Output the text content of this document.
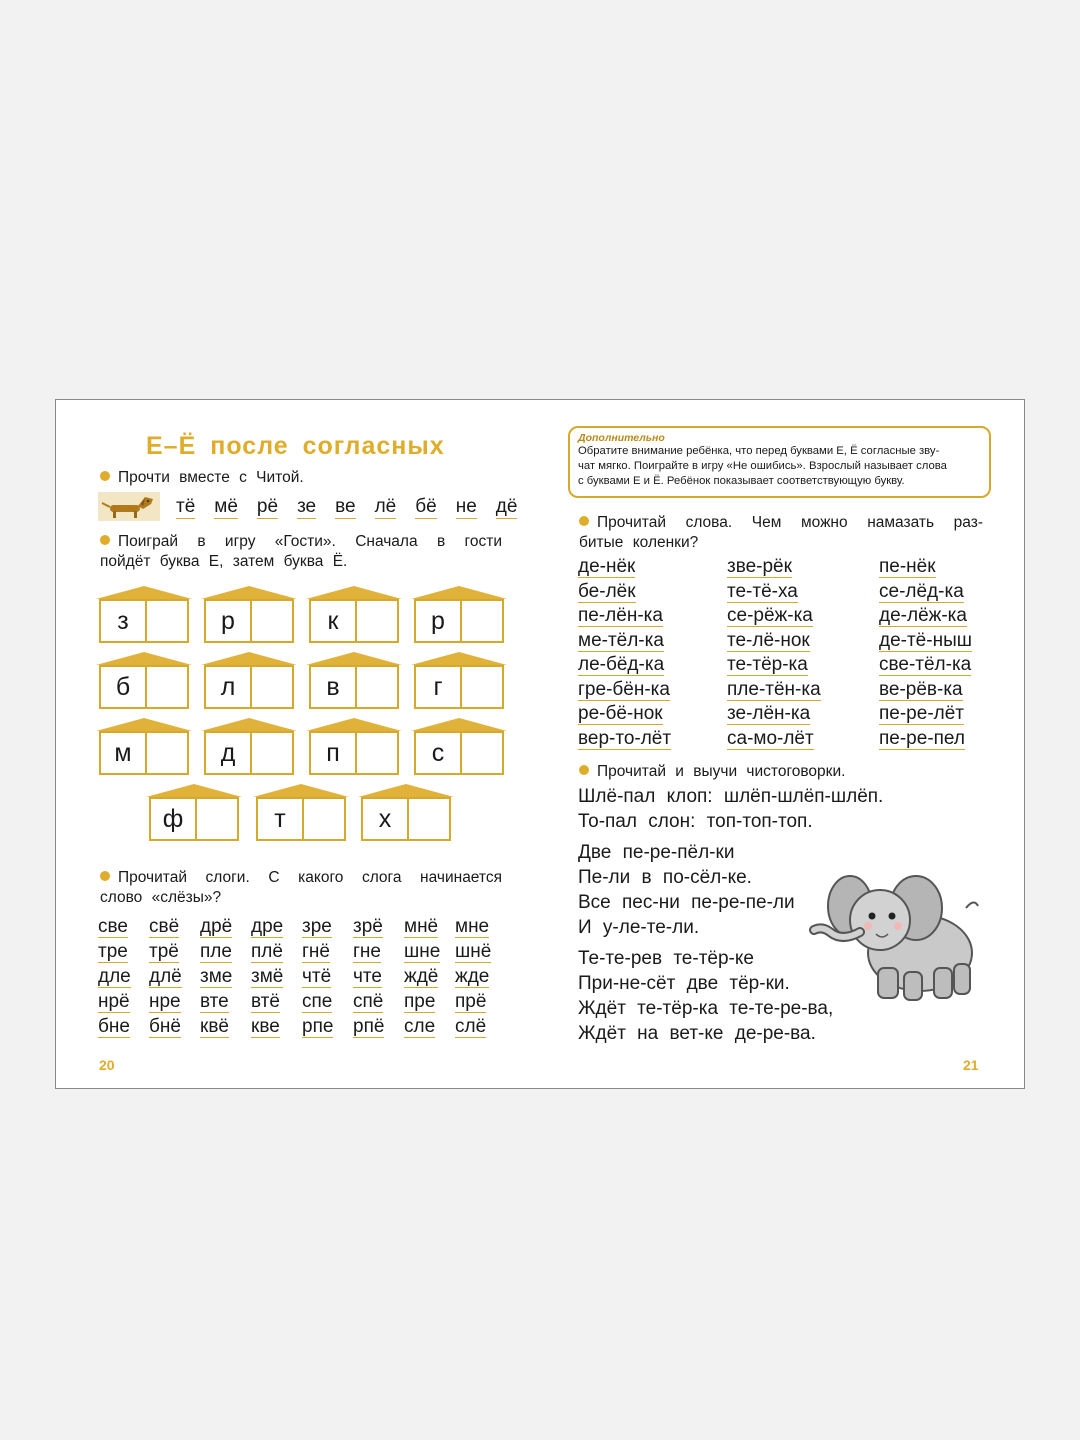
Е–Ё после согласных
Прочти вместе с Читой.
тё мё рё зе ве лё бё не дё
Поиграй в игру «Гости». Сначала в гости
пойдёт буква Е, затем буква Ё.
з	р	к	р
б	л	в	г
м	д	п	с
ф	т	х
Прочитай слоги. С какого слога начинается
слово «слёзы»?
све	свё	дрё дре зре	зрё	мнё мне
тре	трё	пле	плё	гнё	гне	шне шнё
дле длё зме змё чтё	чте	ждё жде
нрё	нре	вте	втё	спе	спё	пре	прё
бне	бнё	квё	кве	рпе	рпё	сле	слё
20
Дополнительно
Обратите внимание ребёнка, что перед буквами Е, Ё согласные зву-
чат мягко. Поиграйте в игру «Не ошибись». Взрослый называет слова
с буквами Е и Ё. Ребёнок показывает соответствующую букву.
Прочитай слова. Чем можно намазать раз-
битые коленки?
де-нёк	зве-рёк	пе-нёк
бе-лёк	те-тё-ха	се-лёд-ка
пе-лён-ка	се-рёж-ка	де-лёж-ка
ме-тёл-ка	те-лё-нок	де-тё-ныш
ле-бёд-ка	те-тёр-ка	све-тёл-ка
гре-бён-ка	пле-тён-ка	ве-рёв-ка
ре-бё-нок	зе-лён-ка	пе-ре-лёт
вер-то-лёт	са-мо-лёт	пе-ре-пел
Прочитай и выучи чистоговорки.
Шлё-пал клоп: шлёп-шлёп-шлёп.
То-пал слон: топ-топ-топ.
Две пе-ре-пёл-ки
Пе-ли в по-сёл-ке.
Все пес-ни пе-ре-пе-ли
И у-ле-те-ли.
Те-те-рев те-тёр-ке
При-не-сёт две тёр-ки.
Ждёт те-тёр-ка те-те-ре-ва,
Ждёт на вет-ке де-ре-ва.
21
